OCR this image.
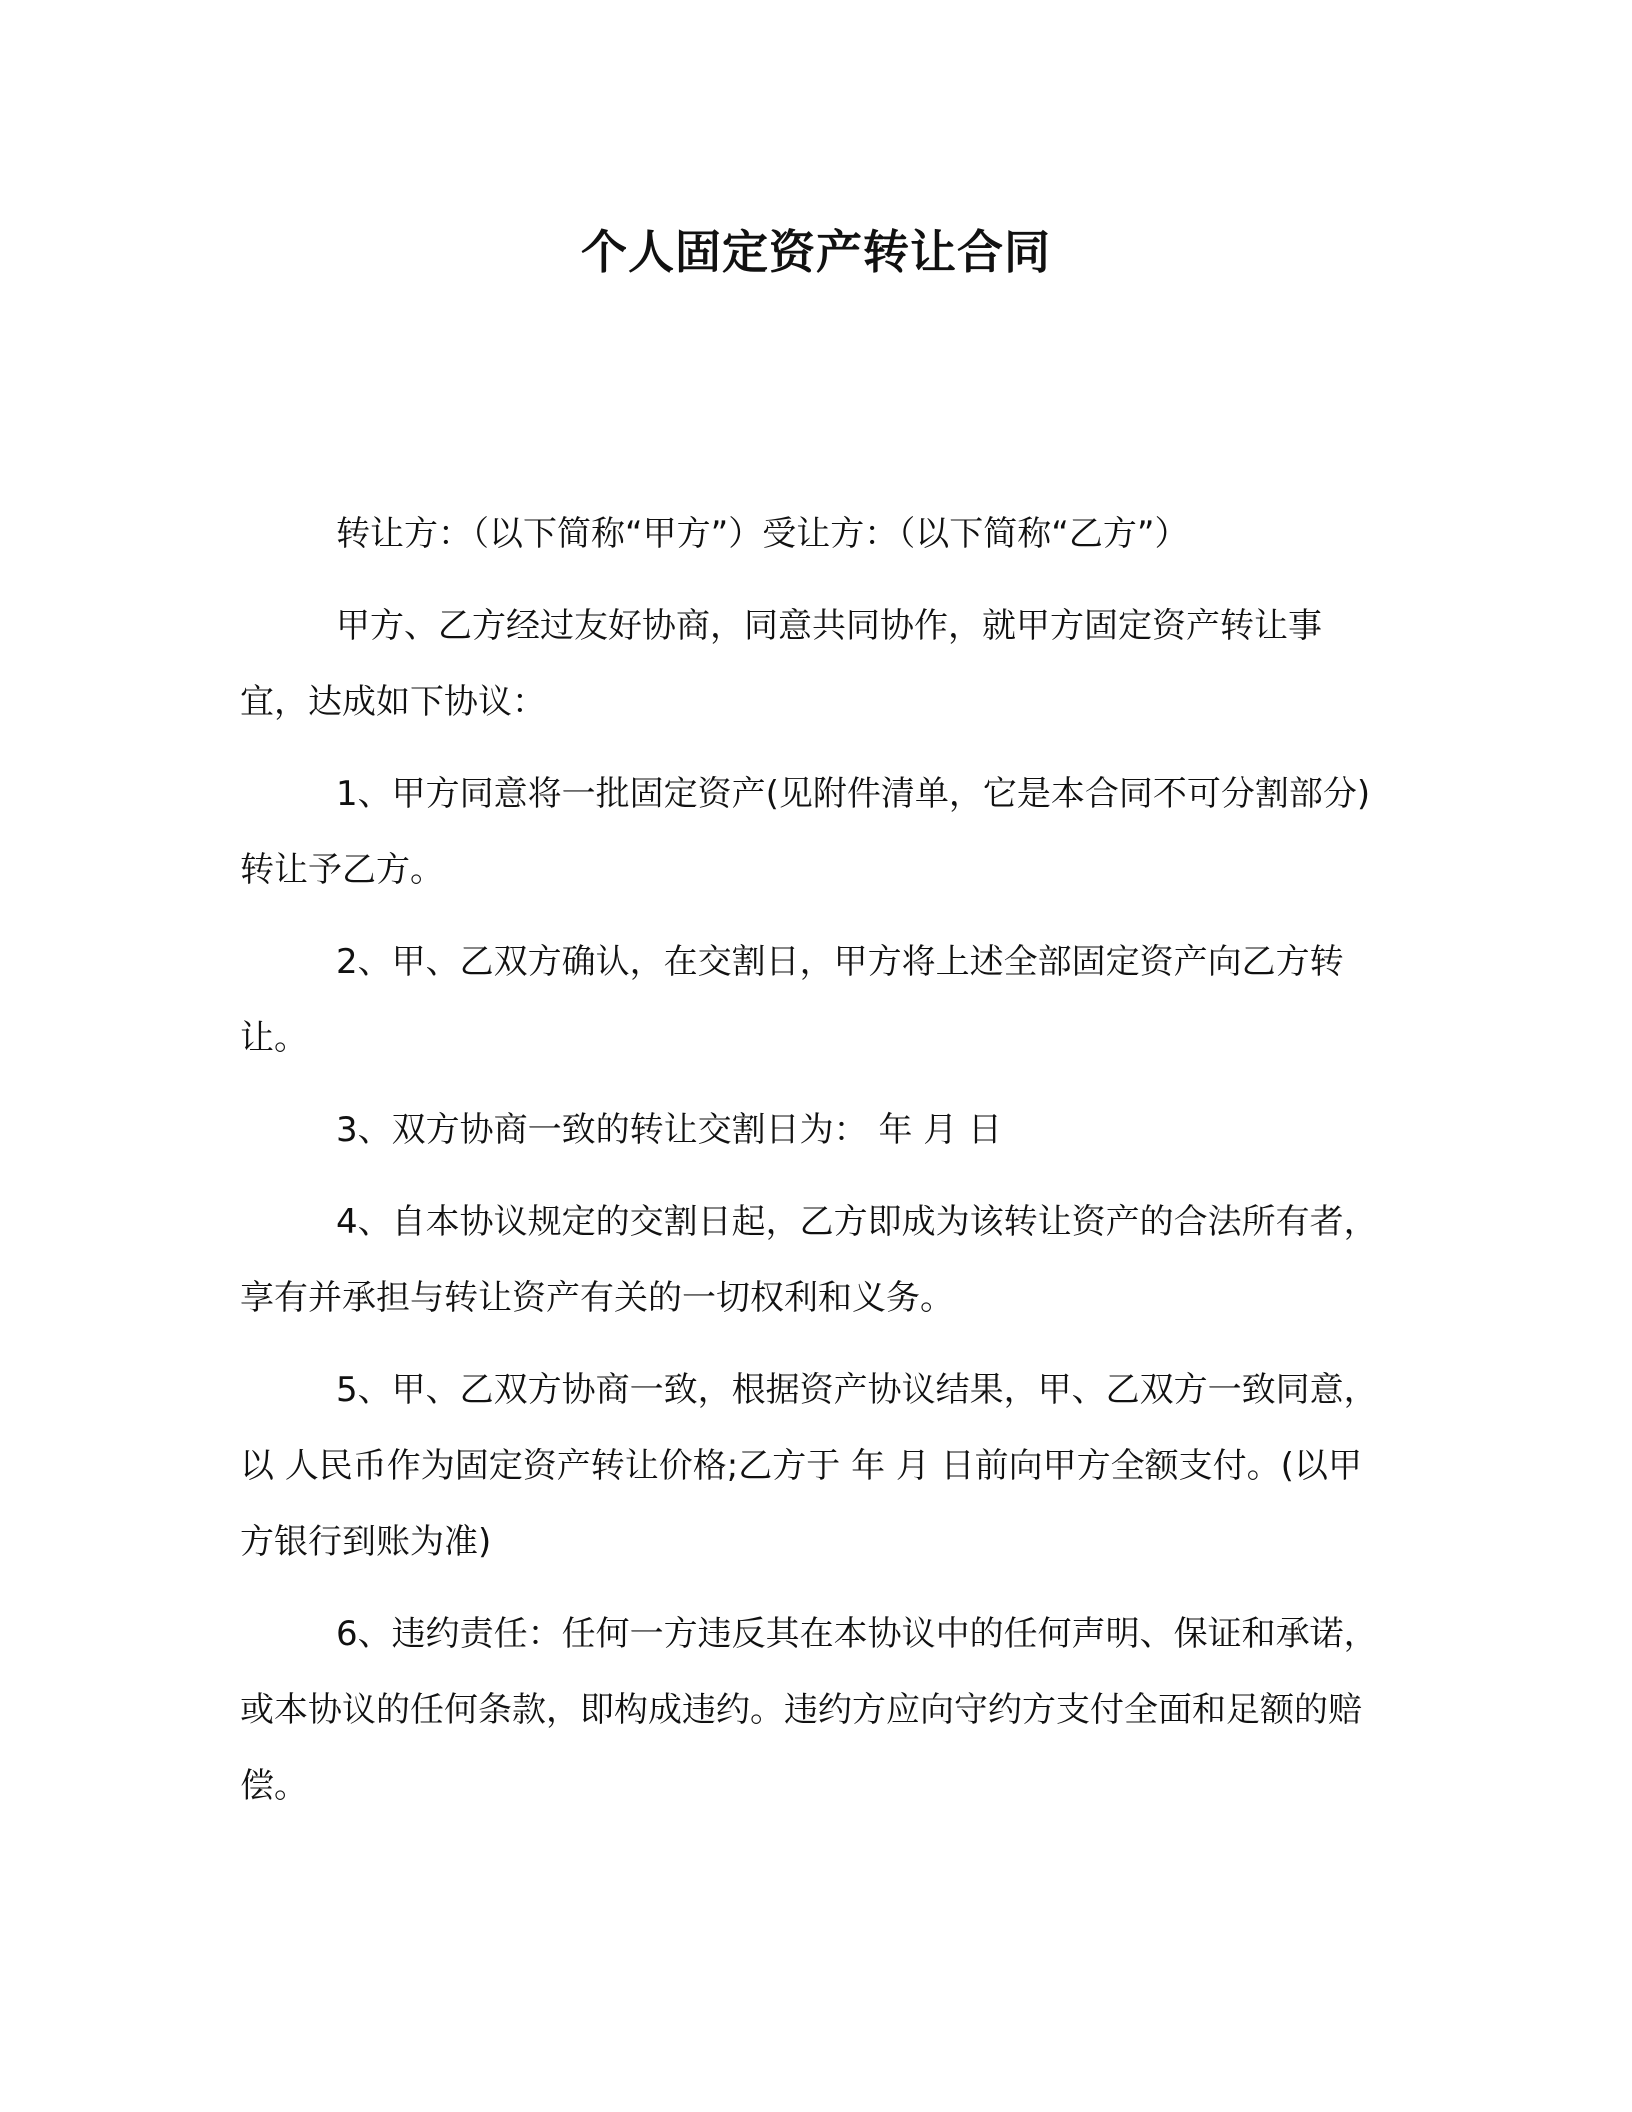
个人固定资产转让合同

转让方：（以下简称“甲方”）受让方：（以下简称“乙方”）

甲方、乙方经过友好协商，同意共同协作，就甲方固定资产转让事宜，达成如下协议：

1、甲方同意将一批固定资产(见附件清单，它是本合同不可分割部分)转让予乙方。

2、甲、乙双方确认，在交割日，甲方将上述全部固定资产向乙方转让。

3、双方协商一致的转让交割日为： 年 月 日

4、自本协议规定的交割日起，乙方即成为该转让资产的合法所有者，享有并承担与转让资产有关的一切权利和义务。

5、甲、乙双方协商一致，根据资产协议结果，甲、乙双方一致同意，以 人民币作为固定资产转让价格;乙方于 年 月 日前向甲方全额支付。(以甲方银行到账为准)

6、违约责任：任何一方违反其在本协议中的任何声明、保证和承诺，或本协议的任何条款，即构成违约。违约方应向守约方支付全面和足额的赔偿。
